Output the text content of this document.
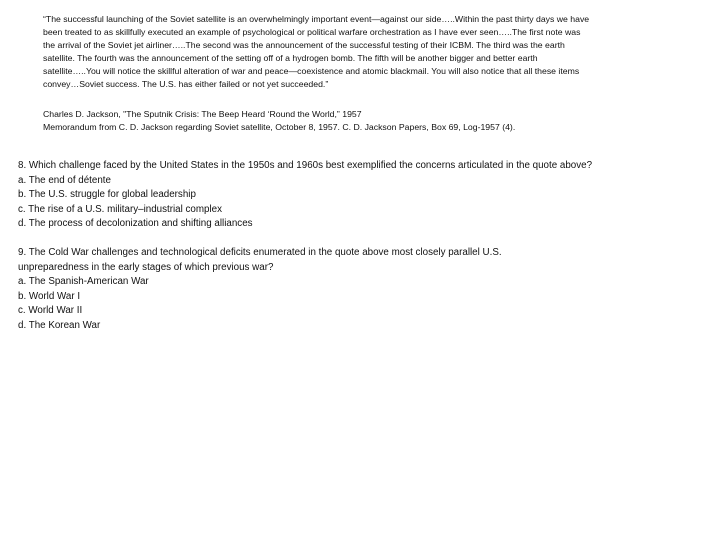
“The successful launching of the Soviet satellite is an overwhelmingly important event—against our side…..Within the past thirty days we have
been treated to as skillfully executed an example of psychological or political warfare orchestration as I have ever seen…..The first note was
the arrival of the Soviet jet airliner…..The second was the announcement of the successful testing of their ICBM. The third was the earth
satellite. The fourth was the announcement of the setting off of a hydrogen bomb. The fifth will be another bigger and better earth
satellite…..You will notice the skillful alteration of war and peace—coexistence and atomic blackmail. You will also notice that all these items
convey…Soviet success. The U.S. has either failed or not yet succeeded.”
Charles D. Jackson, "The Sputnik Crisis: The Beep Heard ‘Round the World,” 1957
Memorandum from C. D. Jackson regarding Soviet satellite, October 8, 1957. C. D. Jackson Papers, Box 69, Log-1957 (4).
8. Which challenge faced by the United States in the 1950s and 1960s best exemplified the concerns articulated in the quote above?
a. The end of détente
b. The U.S. struggle for global leadership
c. The rise of a U.S. military–industrial complex
d. The process of decolonization and shifting alliances
9. The Cold War challenges and technological deficits enumerated in the quote above most closely parallel U.S.
unpreparedness in the early stages of which previous war?
a. The Spanish-American War
b. World War I
c. World War II
d. The Korean War
